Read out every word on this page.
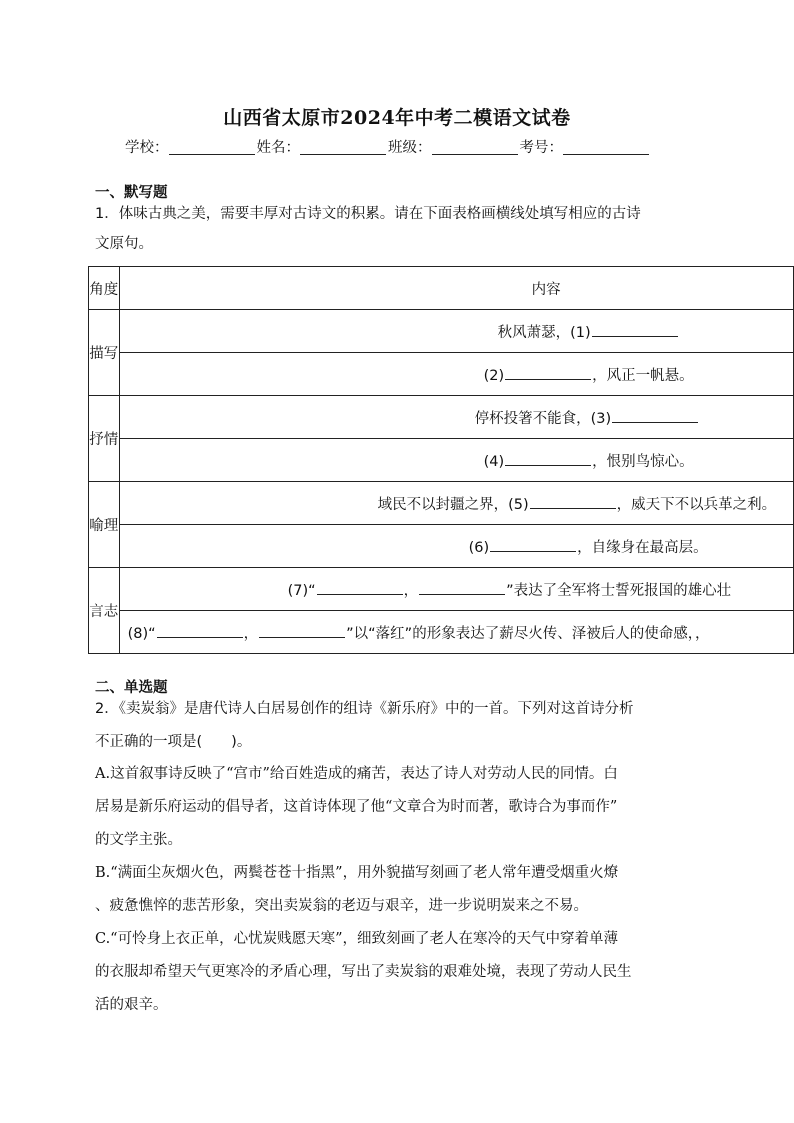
山西省太原市2024年中考二模语文试卷
学校：	姓名：	班级：	考号：
一、默写题
1．体味古典之美，需要丰厚对古诗文的积累。请在下面表格画横线处填写相应的古诗
文原句。
角度	内容
描写	秋风萧瑟，(1)
	(2) ，风正一帆悬。
抒情	停杯投箸不能食，(3)
	(4) ，恨别鸟惊心。
喻理	域民不以封疆之界，(5) ，威天下不以兵革之利。
	(6) ，自缘身在最高层。
言志	(7)“ ， ”表达了全军将士誓死报国的雄心壮
	(8)“ ， ”以“落红”的形象表达了薪尽火传、泽被后人的使命感，，
二、单选题
2．《卖炭翁》是唐代诗人白居易创作的组诗《新乐府》中的一首。下列对这首诗分析
不正确的一项是(　　)。
A.这首叙事诗反映了“宫市”给百姓造成的痛苦，表达了诗人对劳动人民的同情。白
居易是新乐府运动的倡导者，这首诗体现了他“文章合为时而著，歌诗合为事而作”
的文学主张。
B.“满面尘灰烟火色，两鬓苍苍十指黑”，用外貌描写刻画了老人常年遭受烟重火燎
、疲惫憔悴的悲苦形象，突出卖炭翁的老迈与艰辛，进一步说明炭来之不易。
C.“可怜身上衣正单，心忧炭贱愿天寒”，细致刻画了老人在寒冷的天气中穿着单薄
的衣服却希望天气更寒冷的矛盾心理，写出了卖炭翁的艰难处境，表现了劳动人民生
活的艰辛。
